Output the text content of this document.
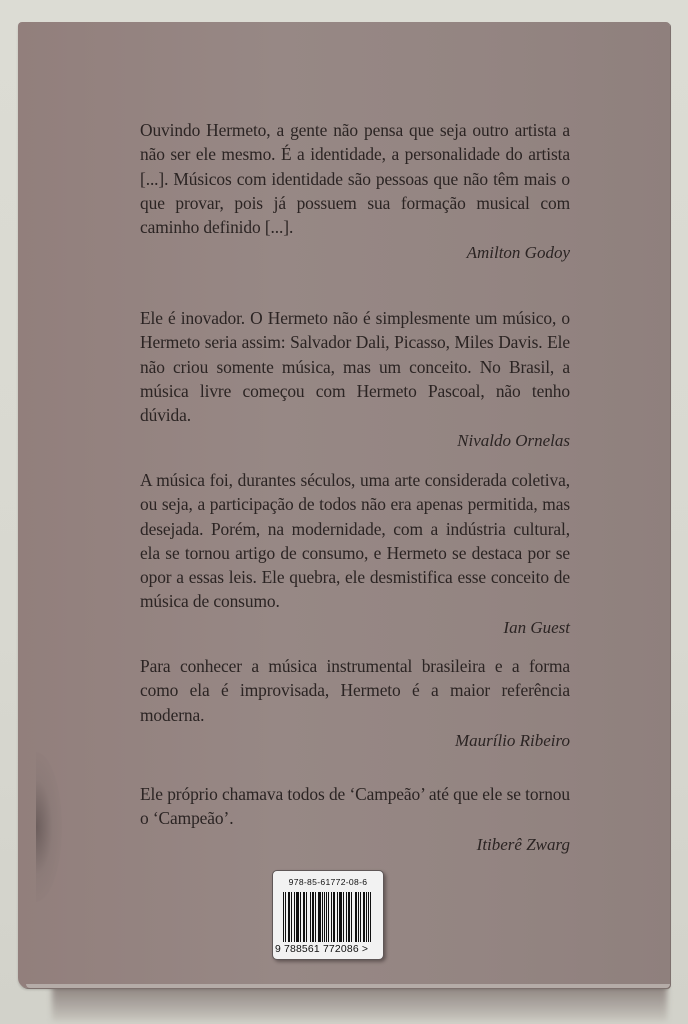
Ouvindo Hermeto, a gente não pensa que seja outro artista a não ser ele mesmo. É a identidade, a personalidade do artista [...]. Músicos com identidade são pessoas que não têm mais o que provar, pois já possuem sua formação musical com caminho definido [...].

Amilton Godoy

Ele é inovador. O Hermeto não é simplesmente um músico, o Hermeto seria assim: Salvador Dali, Picasso, Miles Davis. Ele não criou somente música, mas um conceito. No Brasil, a música livre começou com Hermeto Pascoal, não tenho dúvida.

Nivaldo Ornelas

A música foi, durantes séculos, uma arte considerada coletiva, ou seja, a participação de todos não era apenas permitida, mas desejada. Porém, na modernidade, com a indústria cultural, ela se tornou artigo de consumo, e Hermeto se destaca por se opor a essas leis. Ele quebra, ele desmistifica esse conceito de música de consumo.

Ian Guest

Para conhecer a música instrumental brasileira e a forma como ela é improvisada, Hermeto é a maior referência moderna.

Maurílio Ribeiro

Ele próprio chamava todos de ‘Campeão’ até que ele se tornou o ‘Campeão’.

Itiberê Zwarg

978-85-61772-08-6
9 788561 772086 >
